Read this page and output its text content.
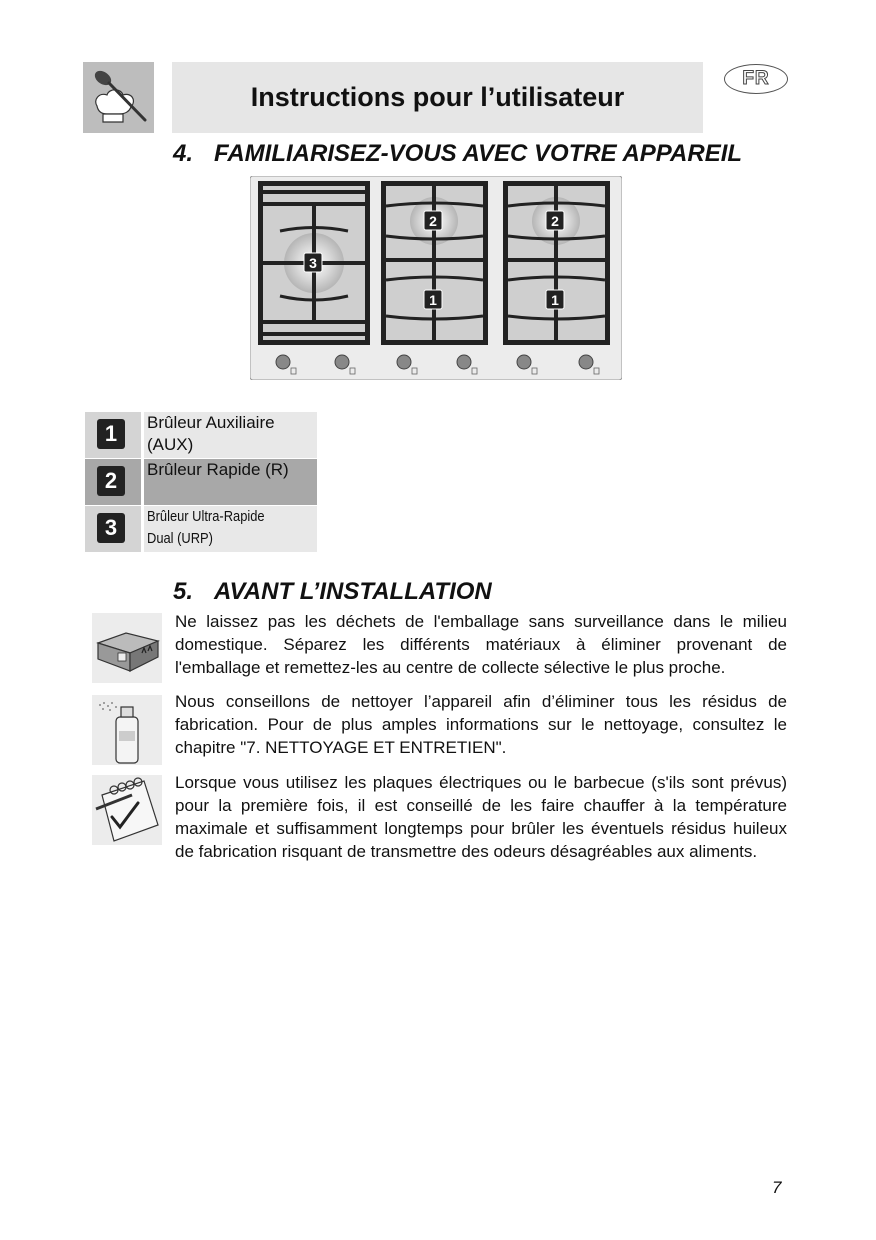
Instructions pour l’utilisateur
FR
4. FAMILIARISEZ-VOUS AVEC VOTRE APPAREIL
3
2
1
2
1
1	Brûleur Auxiliaire
(AUX)
2	Brûleur Rapide (R)
3	Brûleur Ultra-Rapide
Dual (URP)
5. AVANT L’INSTALLATION
Ne laissez pas les déchets de l'emballage sans surveillance dans le milieu domestique. Séparez les différents matériaux à éliminer provenant de l'emballage et remettez-les au centre de collecte sélective le plus proche.
Nous conseillons de nettoyer l’appareil afin d’éliminer tous les résidus de fabrication. Pour de plus amples informations sur le nettoyage, consultez le chapitre "7. NETTOYAGE ET ENTRETIEN".
Lorsque vous utilisez les plaques électriques ou le barbecue (s'ils sont prévus) pour la première fois, il est conseillé de les faire chauffer à la température maximale et suffisamment longtemps pour brûler les éventuels résidus huileux de fabrication risquant de transmettre des odeurs désagréables aux aliments.
7
